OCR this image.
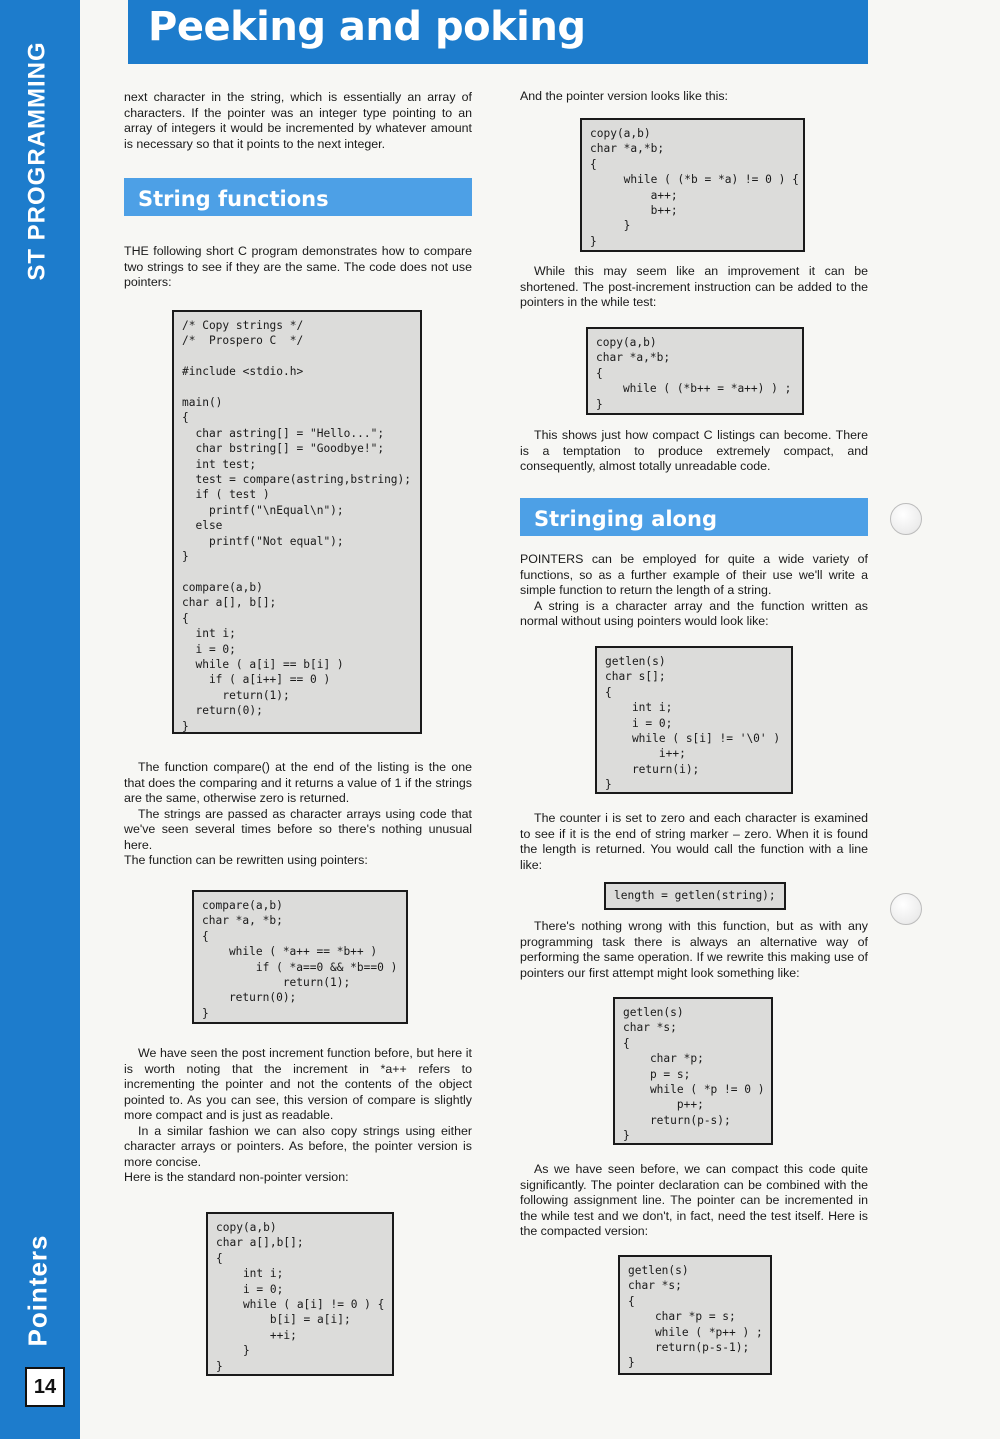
ST PROGRAMMING
Pointers
14
Peeking and poking

next character in the string, which is essentially an array of characters. If the pointer was an integer type pointing to an array of integers it would be incremented by whatever amount is necessary so that it points to the next integer.

String functions

THE following short C program demonstrates how to compare two strings to see if they are the same. The code does not use pointers:

/* Copy strings */
/*  Prospero C  */

#include <stdio.h>

main()
{
char astring[] = "Hello...";
char bstring[] = "Goodbye!";
int test;
test = compare(astring,bstring);
if ( test )
printf("\nEqual\n");
else
printf("Not equal");
}

compare(a,b)
char a[], b[];
{
int i;
i = 0;
while ( a[i] == b[i] )
if ( a[i++] == 0 )
return(1);
return(0);
}

The function compare() at the end of the listing is the one that does the comparing and it returns a value of 1 if the strings are the same, otherwise zero is returned.

The strings are passed as character arrays using code that we've seen several times before so there's nothing unusual here.

The function can be rewritten using pointers:

compare(a,b)
char *a, *b;
{
while ( *a++ == *b++ )
if ( *a==0 && *b==0 )
return(1);
return(0);
}

We have seen the post increment function before, but here it is worth noting that the increment in *a++ refers to incrementing the pointer and not the contents of the object pointed to. As you can see, this version of compare is slightly more compact and is just as readable.

In a similar fashion we can also copy strings using either character arrays or pointers. As before, the pointer version is more concise.

Here is the standard non-pointer version:

copy(a,b)
char a[],b[];
{
int i;
i = 0;
while ( a[i] != 0 ) {
b[i] = a[i];
++i;
}
}

And the pointer version looks like this:

copy(a,b)
char *a,*b;
{
while ( (*b = *a) != 0 ) {
a++;
b++;
}
}

While this may seem like an improvement it can be shortened. The post-increment instruction can be added to the pointers in the while test:

copy(a,b)
char *a,*b;
{
while ( (*b++ = *a++) ) ;
}

This shows just how compact C listings can become. There is a temptation to produce extremely compact, and consequently, almost totally unreadable code.

Stringing along

POINTERS can be employed for quite a wide variety of functions, so as a further example of their use we'll write a simple function to return the length of a string.

A string is a character array and the function written as normal without using pointers would look like:

getlen(s)
char s[];
{
int i;
i = 0;
while ( s[i] != '\0' )
i++;
return(i);
}

The counter i is set to zero and each character is examined to see if it is the end of string marker – zero. When it is found the length is returned. You would call the function with a line like:

length = getlen(string);

There's nothing wrong with this function, but as with any programming task there is always an alternative way of performing the same operation. If we rewrite this making use of pointers our first attempt might look something like:

getlen(s)
char *s;
{
char *p;
p = s;
while ( *p != 0 )
p++;
return(p-s);
}

As we have seen before, we can compact this code quite significantly. The pointer declaration can be combined with the following assignment line. The pointer can be incremented in the while test and we don't, in fact, need the test itself. Here is the compacted version:

getlen(s)
char *s;
{
char *p = s;
while ( *p++ ) ;
return(p-s-1);
}
